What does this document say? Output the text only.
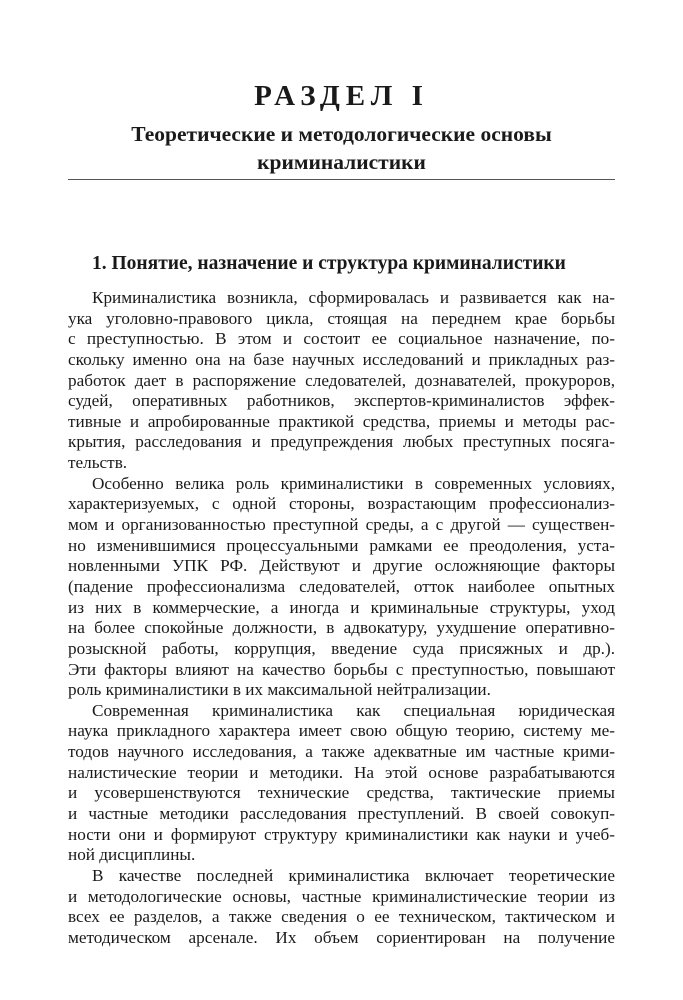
РАЗДЕЛ I
Теоретические и методологические основы
криминалистики
1. Понятие, назначение и структура криминалистики
Криминалистика возникла, сформировалась и развивается как на-
ука уголовно-правового цикла, стоящая на переднем крае борьбы
с преступностью. В этом и состоит ее социальное назначение, по-
скольку именно она на базе научных исследований и прикладных раз-
работок дает в распоряжение следователей, дознавателей, прокуроров,
судей, оперативных работников, экспертов-криминалистов эффек-
тивные и апробированные практикой средства, приемы и методы рас-
крытия, расследования и предупреждения любых преступных посяга-
тельств.
Особенно велика роль криминалистики в современных условиях,
характеризуемых, с одной стороны, возрастающим профессионализ-
мом и организованностью преступной среды, а с другой — существен-
но изменившимися процессуальными рамками ее преодоления, уста-
новленными УПК РФ. Действуют и другие осложняющие факторы
(падение профессионализма следователей, отток наиболее опытных
из них в коммерческие, а иногда и криминальные структуры, уход
на более спокойные должности, в адвокатуру, ухудшение оперативно-
розыскной работы, коррупция, введение суда присяжных и др.).
Эти факторы влияют на качество борьбы с преступностью, повышают
роль криминалистики в их максимальной нейтрализации.
Современная криминалистика как специальная юридическая
наука прикладного характера имеет свою общую теорию, систему ме-
тодов научного исследования, а также адекватные им частные крими-
налистические теории и методики. На этой основе разрабатываются
и усовершенствуются технические средства, тактические приемы
и частные методики расследования преступлений. В своей совокуп-
ности они и формируют структуру криминалистики как науки и учеб-
ной дисциплины.
В качестве последней криминалистика включает теоретические
и методологические основы, частные криминалистические теории из
всех ее разделов, а также сведения о ее техническом, тактическом и
методическом арсенале. Их объем сориентирован на получение
